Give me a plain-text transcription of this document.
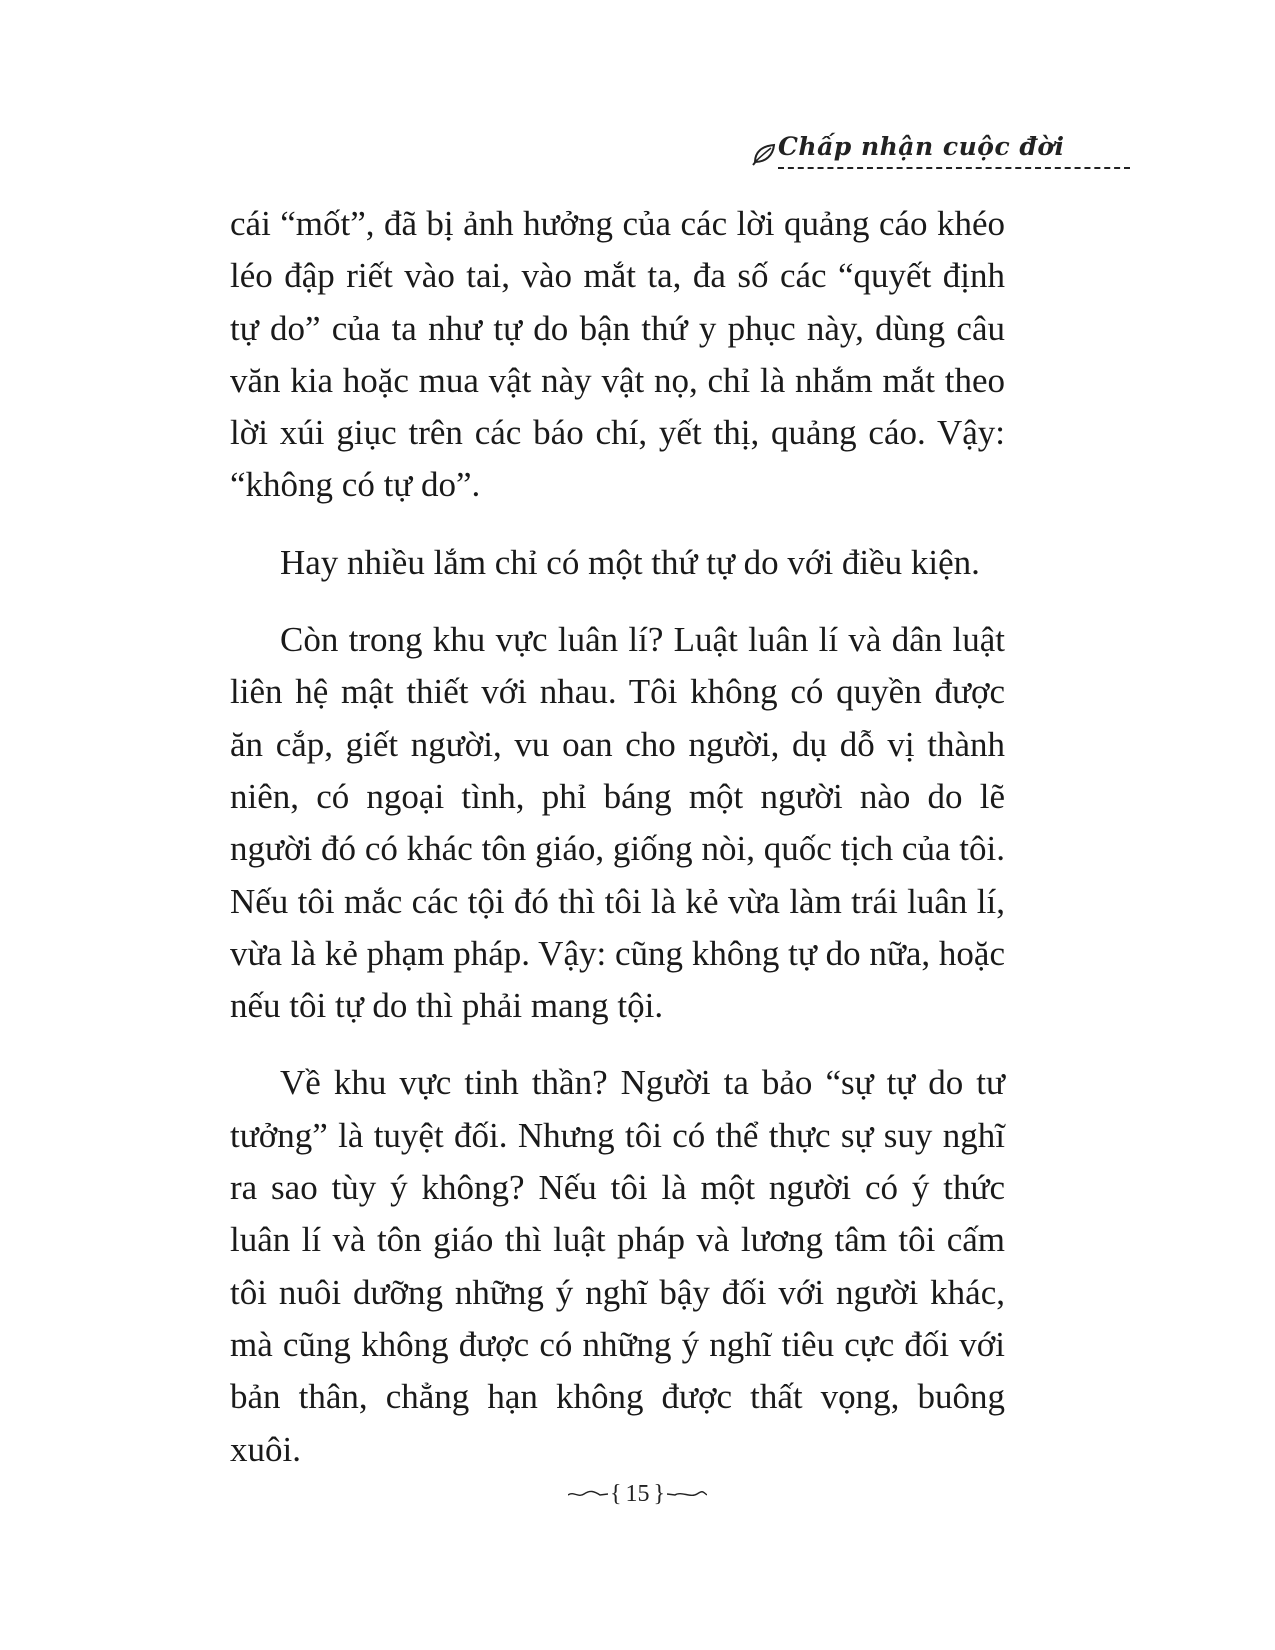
Chấp nhận cuộc đời

cái “mốt”, đã bị ảnh hưởng của các lời quảng cáo khéo léo đập riết vào tai, vào mắt ta, đa số các “quyết định tự do” của ta như tự do bận thứ y phục này, dùng câu văn kia hoặc mua vật này vật nọ, chỉ là nhắm mắt theo lời xúi giục trên các báo chí, yết thị, quảng cáo. Vậy: “không có tự do”.

Hay nhiều lắm chỉ có một thứ tự do với điều kiện.

Còn trong khu vực luân lí? Luật luân lí và dân luật liên hệ mật thiết với nhau. Tôi không có quyền được ăn cắp, giết người, vu oan cho người, dụ dỗ vị thành niên, có ngoại tình, phỉ báng một người nào do lẽ người đó có khác tôn giáo, giống nòi, quốc tịch của tôi. Nếu tôi mắc các tội đó thì tôi là kẻ vừa làm trái luân lí, vừa là kẻ phạm pháp. Vậy: cũng không tự do nữa, hoặc nếu tôi tự do thì phải mang tội.

Về khu vực tinh thần? Người ta bảo “sự tự do tư tưởng” là tuyệt đối. Nhưng tôi có thể thực sự suy nghĩ ra sao tùy ý không? Nếu tôi là một người có ý thức luân lí và tôn giáo thì luật pháp và lương tâm tôi cấm tôi nuôi dưỡng những ý nghĩ bậy đối với người khác, mà cũng không được có những ý nghĩ tiêu cực đối với bản thân, chẳng hạn không được thất vọng, buông xuôi.

{ 15 }
